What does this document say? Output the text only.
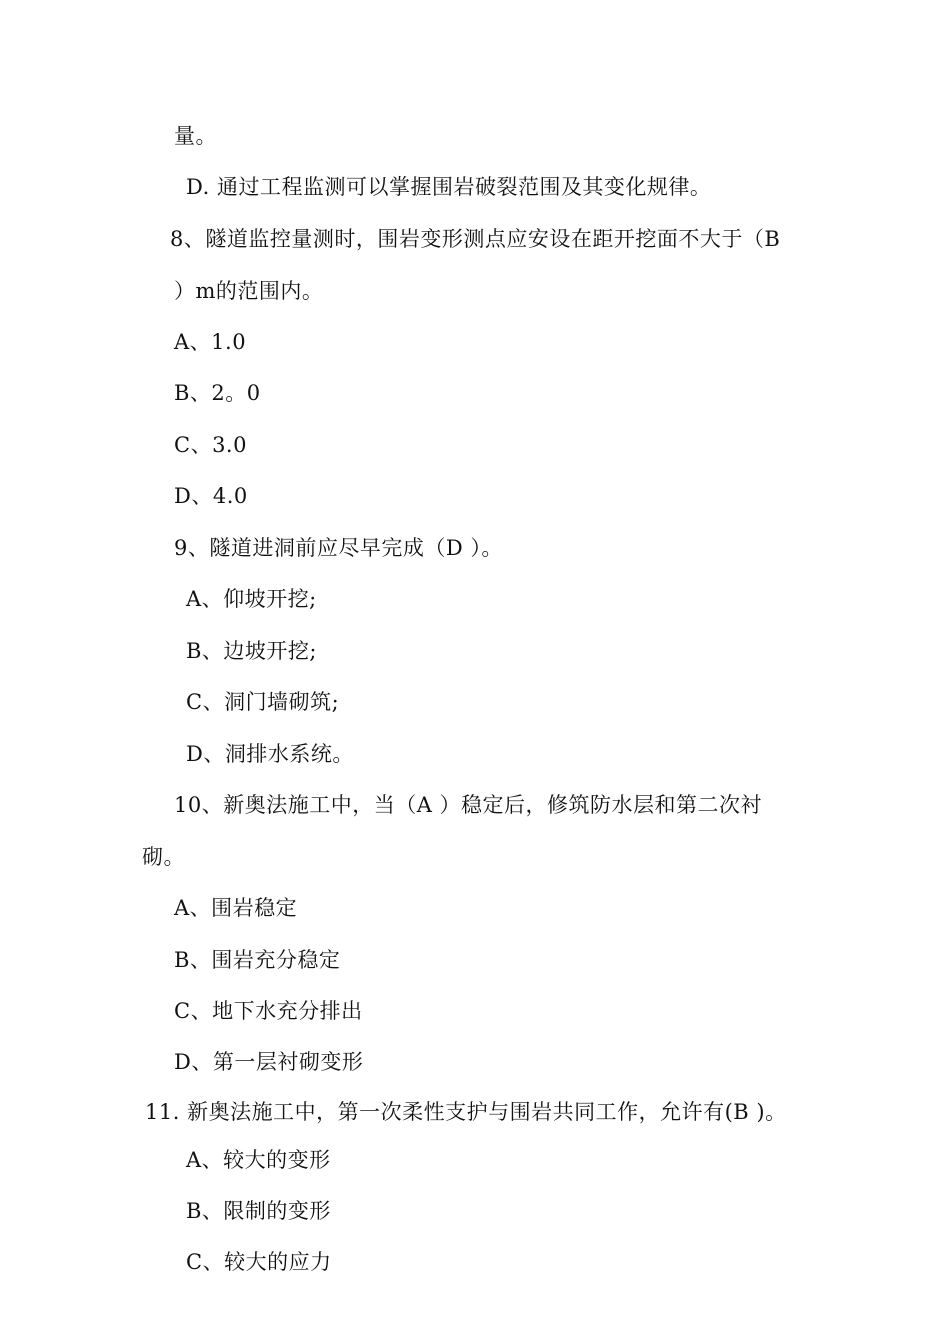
量。
D. 通过工程监测可以掌握围岩破裂范围及其变化规律。
8、隧道监控量测时，围岩变形测点应安设在距开挖面不大于（B
）m的范围内。
A、1.0
B、2。0
C、3.0
D、4.0
9、隧道进洞前应尽早完成（D ）。
A、仰坡开挖;
B、边坡开挖;
C、洞门墙砌筑;
D、洞排水系统。
10、新奥法施工中，当（A ）稳定后，修筑防水层和第二次衬
砌。
A、围岩稳定
B、围岩充分稳定
C、地下水充分排出
D、第一层衬砌变形
11. 新奥法施工中，第一次柔性支护与围岩共同工作，允许有(B )。
A、较大的变形
B、限制的变形
C、较大的应力
